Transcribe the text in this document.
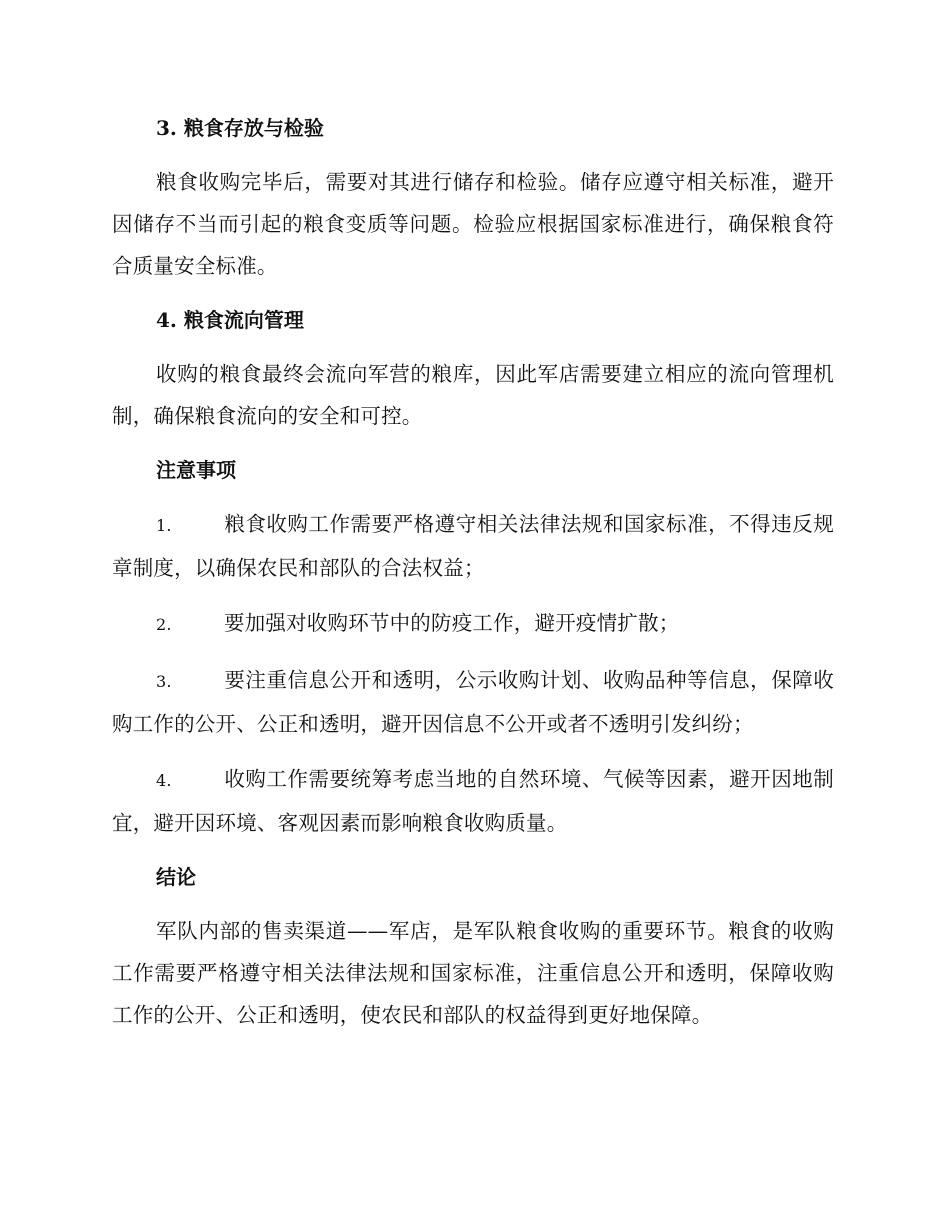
3. 粮食存放与检验

粮食收购完毕后，需要对其进行储存和检验。储存应遵守相关标准，避开因储存不当而引起的粮食变质等问题。检验应根据国家标准进行，确保粮食符合质量安全标准。

4. 粮食流向管理

收购的粮食最终会流向军营的粮库，因此军店需要建立相应的流向管理机制，确保粮食流向的安全和可控。

注意事项

1.	粮食收购工作需要严格遵守相关法律法规和国家标准，不得违反规章制度，以确保农民和部队的合法权益；

2.	要加强对收购环节中的防疫工作，避开疫情扩散；

3.	要注重信息公开和透明，公示收购计划、收购品种等信息，保障收购工作的公开、公正和透明，避开因信息不公开或者不透明引发纠纷；

4.	收购工作需要统筹考虑当地的自然环境、气候等因素，避开因地制宜，避开因环境、客观因素而影响粮食收购质量。

结论

军队内部的售卖渠道——军店，是军队粮食收购的重要环节。粮食的收购工作需要严格遵守相关法律法规和国家标准，注重信息公开和透明，保障收购工作的公开、公正和透明，使农民和部队的权益得到更好地保障。
